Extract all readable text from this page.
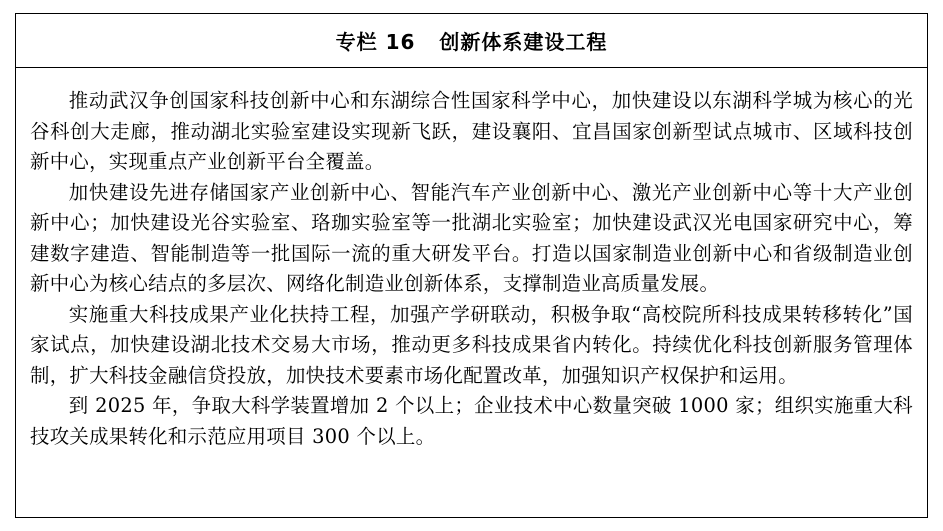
专栏 16   创新体系建设工程

推动武汉争创国家科技创新中心和东湖综合性国家科学中心，加快建设以东湖科学城为核心的光谷科创大走廊，推动湖北实验室建设实现新飞跃，建设襄阳、宜昌国家创新型试点城市、区域科技创新中心，实现重点产业创新平台全覆盖。

加快建设先进存储国家产业创新中心、智能汽车产业创新中心、激光产业创新中心等十大产业创新中心；加快建设光谷实验室、珞珈实验室等一批湖北实验室；加快建设武汉光电国家研究中心，筹建数字建造、智能制造等一批国际一流的重大研发平台。打造以国家制造业创新中心和省级制造业创新中心为核心结点的多层次、网络化制造业创新体系，支撑制造业高质量发展。

实施重大科技成果产业化扶持工程，加强产学研联动，积极争取“高校院所科技成果转移转化”国家试点，加快建设湖北技术交易大市场，推动更多科技成果省内转化。持续优化科技创新服务管理体制，扩大科技金融信贷投放，加快技术要素市场化配置改革，加强知识产权保护和运用。

到 2025 年，争取大科学装置增加 2 个以上；企业技术中心数量突破 1000 家；组织实施重大科技攻关成果转化和示范应用项目 300 个以上。
